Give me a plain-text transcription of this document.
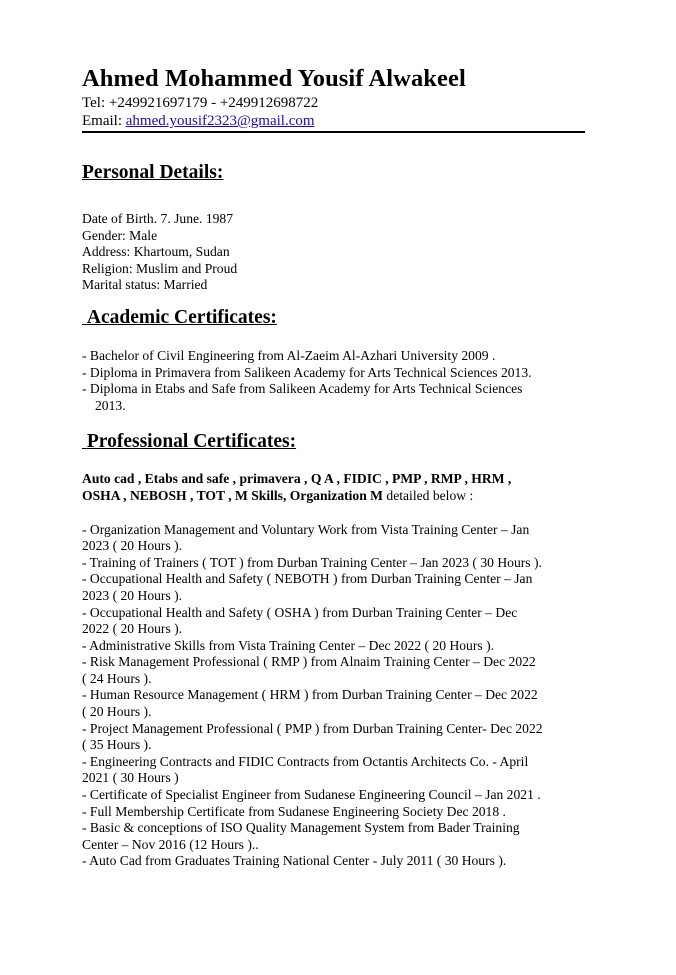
Ahmed Mohammed Yousif Alwakeel
Tel: +249921697179 - +249912698722
Email: ahmed.yousif2323@gmail.com
Personal Details:
Date of Birth. 7. June. 1987
Gender: Male
Address: Khartoum, Sudan
Religion: Muslim and Proud
Marital status: Married
Academic Certificates:
- Bachelor of Civil Engineering from Al-Zaeim Al-Azhari University 2009 .
- Diploma in Primavera from Salikeen Academy for Arts Technical Sciences 2013.
- Diploma in Etabs and Safe from Salikeen Academy for Arts Technical Sciences
2013.
Professional Certificates:
Auto cad , Etabs and safe , primavera , Q A , FIDIC , PMP , RMP , HRM ,
OSHA , NEBOSH , TOT , M Skills, Organization M detailed below :
- Organization Management and Voluntary Work from Vista Training Center – Jan
2023 ( 20 Hours ).
- Training of Trainers ( TOT ) from Durban Training Center – Jan 2023 ( 30 Hours ).
- Occupational Health and Safety ( NEBOTH ) from Durban Training Center – Jan
2023 ( 20 Hours ).
- Occupational Health and Safety ( OSHA ) from Durban Training Center – Dec
2022 ( 20 Hours ).
- Administrative Skills from Vista Training Center – Dec 2022 ( 20 Hours ).
- Risk Management Professional ( RMP ) from Alnaim Training Center – Dec 2022
( 24 Hours ).
- Human Resource Management ( HRM ) from Durban Training Center – Dec 2022
( 20 Hours ).
- Project Management Professional ( PMP ) from Durban Training Center- Dec 2022
( 35 Hours ).
- Engineering Contracts and FIDIC Contracts from Octantis Architects Co. - April
2021 ( 30 Hours )
- Certificate of Specialist Engineer from Sudanese Engineering Council – Jan 2021 .
- Full Membership Certificate from Sudanese Engineering Society Dec 2018 .
- Basic & conceptions of ISO Quality Management System from Bader Training
Center – Nov 2016 (12 Hours )..
- Auto Cad from Graduates Training National Center - July 2011 ( 30 Hours ).
